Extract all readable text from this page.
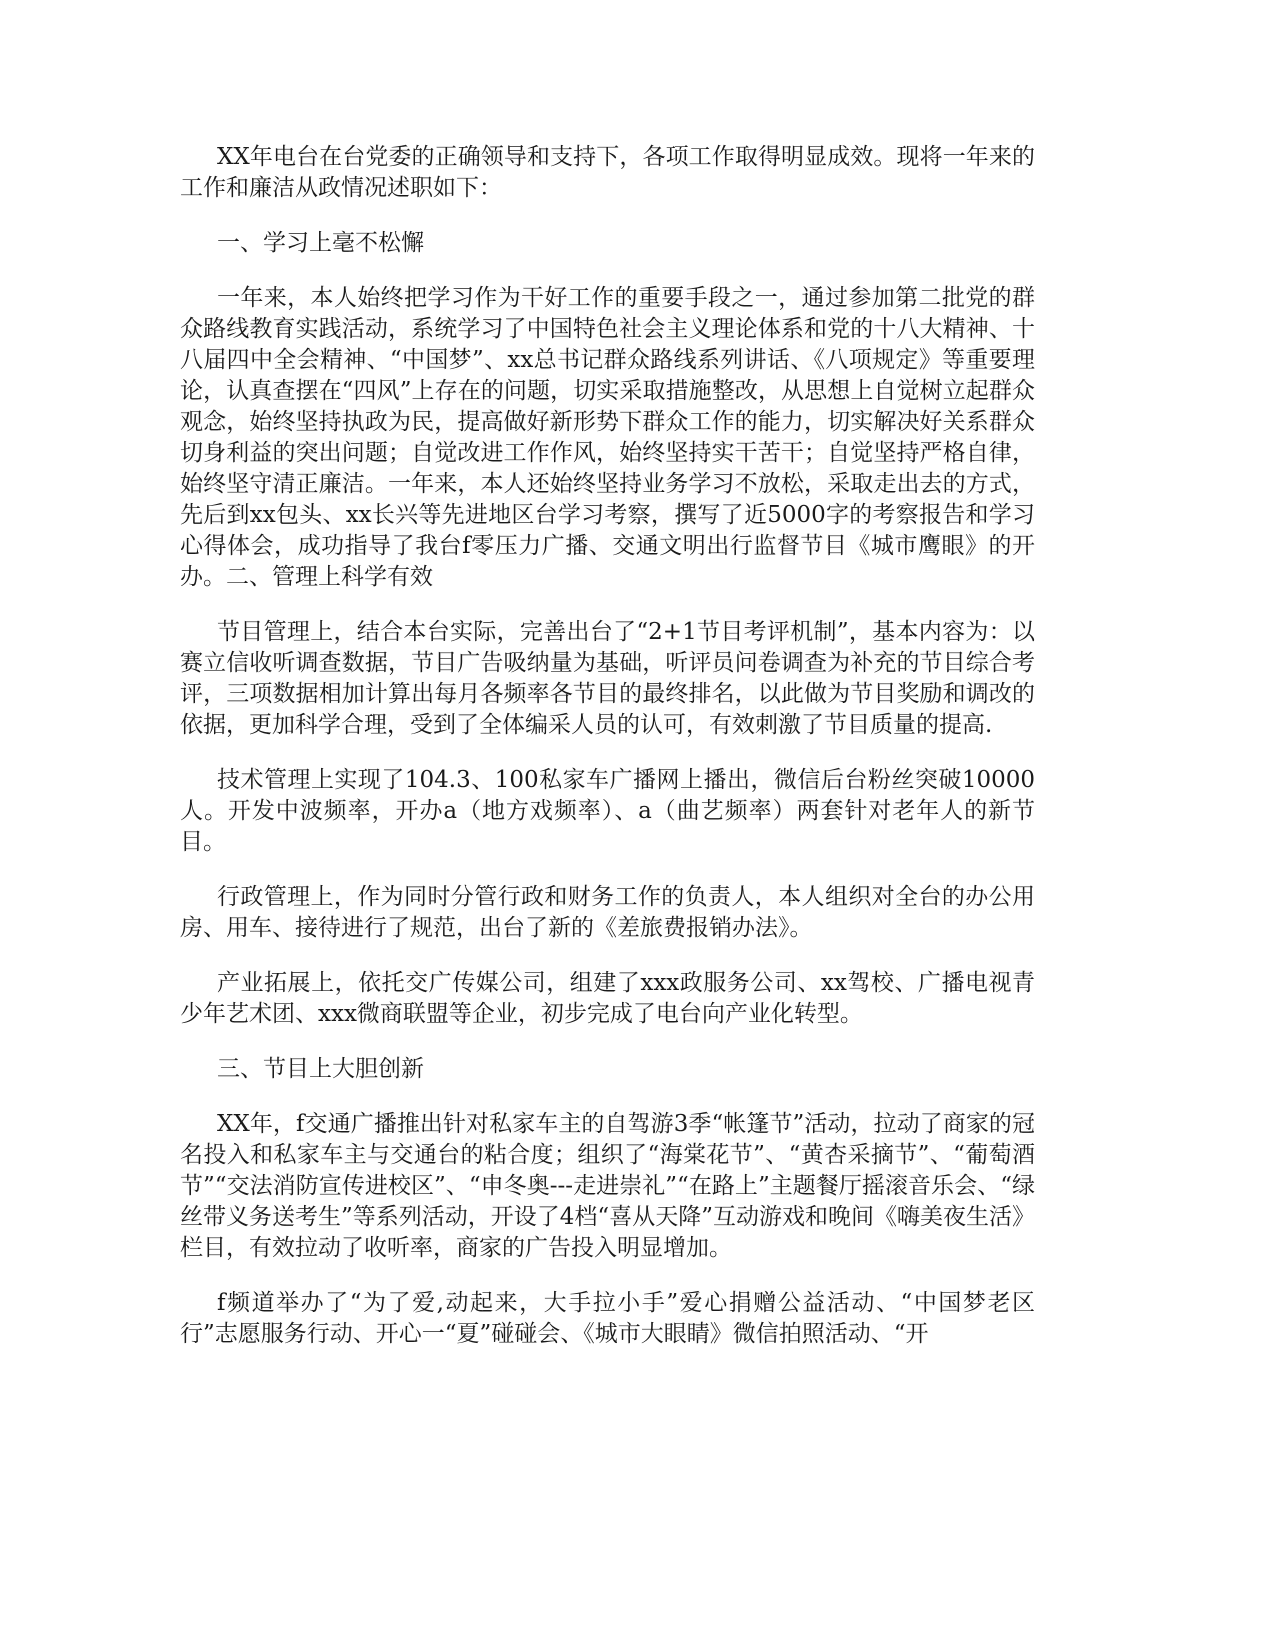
XX年电台在台党委的正确领导和支持下，各项工作取得明显成效。现将一年来的工作和廉洁从政情况述职如下：

一、学习上毫不松懈

一年来，本人始终把学习作为干好工作的重要手段之一，通过参加第二批党的群众路线教育实践活动，系统学习了中国特色社会主义理论体系和党的十八大精神、十八届四中全会精神、“中国梦”、xx总书记群众路线系列讲话、《八项规定》等重要理论，认真查摆在“四风”上存在的问题，切实采取措施整改，从思想上自觉树立起群众观念，始终坚持执政为民，提高做好新形势下群众工作的能力，切实解决好关系群众切身利益的突出问题；自觉改进工作作风，始终坚持实干苦干；自觉坚持严格自律，始终坚守清正廉洁。一年来，本人还始终坚持业务学习不放松，采取走出去的方式，先后到xx包头、xx长兴等先进地区台学习考察，撰写了近5000字的考察报告和学习心得体会，成功指导了我台f零压力广播、交通文明出行监督节目《城市鹰眼》的开办。二、管理上科学有效

节目管理上，结合本台实际，完善出台了“2+1节目考评机制”，基本内容为：以赛立信收听调查数据，节目广告吸纳量为基础，听评员问卷调查为补充的节目综合考评，三项数据相加计算出每月各频率各节目的最终排名，以此做为节目奖励和调改的依据，更加科学合理，受到了全体编采人员的认可，有效刺激了节目质量的提高.

技术管理上实现了104.3、100私家车广播网上播出，微信后台粉丝突破10000人。开发中波频率，开办a（地方戏频率）、a（曲艺频率）两套针对老年人的新节目。

行政管理上，作为同时分管行政和财务工作的负责人，本人组织对全台的办公用房、用车、接待进行了规范，出台了新的《差旅费报销办法》。

产业拓展上，依托交广传媒公司，组建了xxx政服务公司、xx驾校、广播电视青少年艺术团、xxx微商联盟等企业，初步完成了电台向产业化转型。

三、节目上大胆创新

XX年，f交通广播推出针对私家车主的自驾游3季“帐篷节”活动，拉动了商家的冠名投入和私家车主与交通台的粘合度；组织了“海棠花节”、“黄杏采摘节”、“葡萄酒节”“交法消防宣传进校区”、“申冬奥---走进崇礼”“在路上”主题餐厅摇滚音乐会、“绿丝带义务送考生”等系列活动，开设了4档“喜从天降”互动游戏和晚间《嗨美夜生活》栏目，有效拉动了收听率，商家的广告投入明显增加。

f频道举办了“为了爱,动起来，大手拉小手”爱心捐赠公益活动、“中国梦老区行”志愿服务行动、开心一“夏”碰碰会、《城市大眼睛》微信拍照活动、“开
